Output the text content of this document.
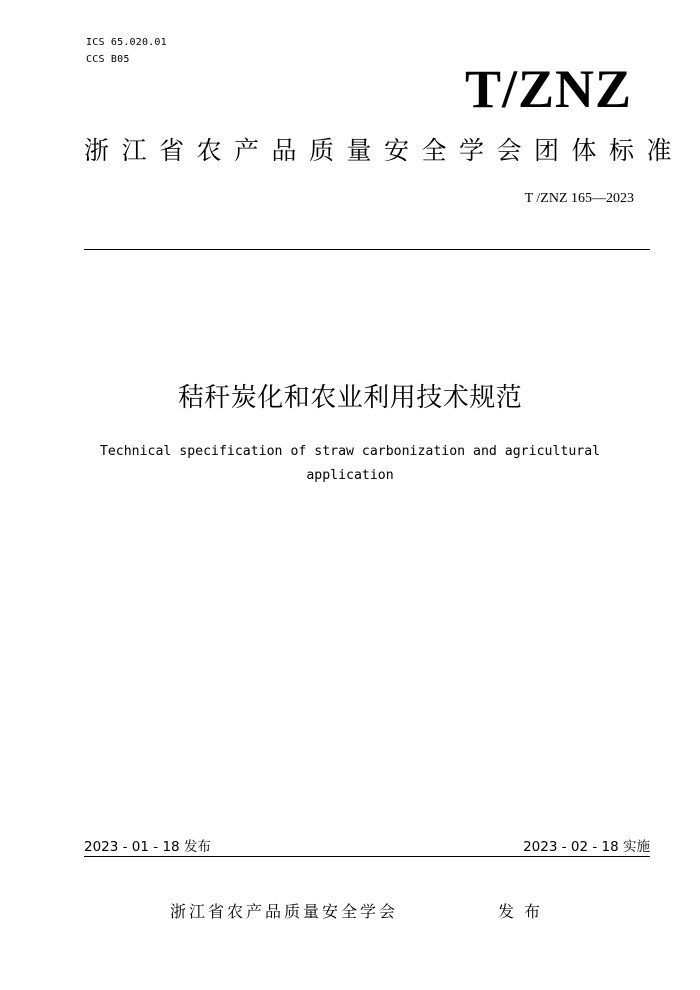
ICS 65.020.01
CCS B05	T/ZNZ
浙江省农产品质量安全学会团体标准
T /ZNZ 165—2023
秸秆炭化和农业利用技术规范
Technical specification of straw carbonization and agricultural
application
2023 - 01 - 18 发布	2023 - 02 - 18 实施
浙江省农产品质量安全学会	发布
